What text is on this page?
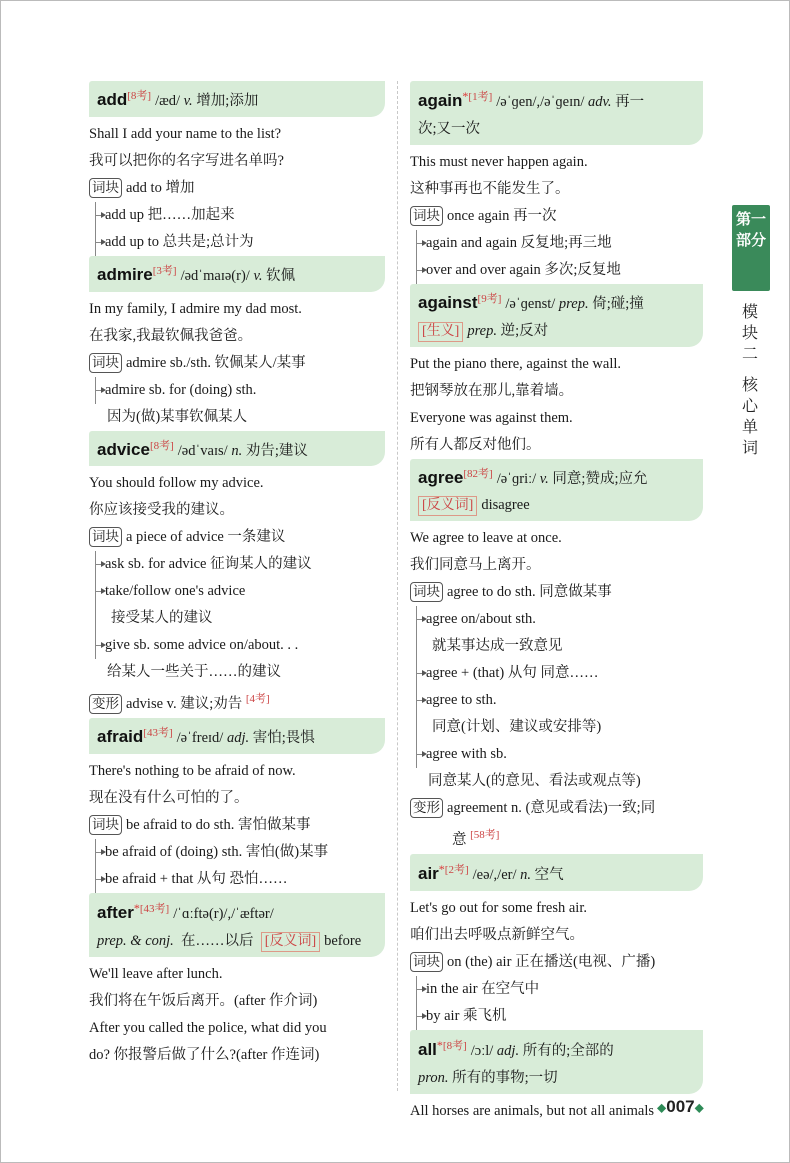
add[8考] /æd/ v. 增加;添加
Shall I add your name to the list?
我可以把你的名字写进名单吗?
词块 add to 增加
add up 把……加起来
add up to 总共是;总计为
admire[3考] /ədˈmaɪə(r)/ v. 钦佩
In my family, I admire my dad most.
在我家,我最钦佩我爸爸。
词块 admire sb./sth. 钦佩某人/某事
admire sb. for (doing) sth.
因为(做)某事钦佩某人
advice[8考] /ədˈvaɪs/ n. 劝告;建议
You should follow my advice.
你应该接受我的建议。
词块 a piece of advice 一条建议
ask sb. for advice 征询某人的建议
take/follow one's advice
接受某人的建议
give sb. some advice on/about. . .
给某人一些关于……的建议
变形 advise v. 建议;劝告 [4考]
afraid[43考] /əˈfreɪd/ adj. 害怕;畏惧
There's nothing to be afraid of now.
现在没有什么可怕的了。
词块 be afraid to do sth. 害怕做某事
be afraid of (doing) sth. 害怕(做)某事
be afraid + that 从句 恐怕……
after$^{*[43考]}$ /ˈɑːftə(r)/,/ˈæftər/
prep. & conj. 在……以后 [反义词] before
We'll leave after lunch.
我们将在午饭后离开。(after 作介词)
After you called the police, what did you
do? 你报警后做了什么?(after 作连词)
again$^{*[1考]}$ /əˈɡen/,/əˈɡeɪn/ adv. 再一
次;又一次
This must never happen again.
这种事再也不能发生了。
词块 once again 再一次
again and again 反复地;再三地
over and over again 多次;反复地
against[9考] /əˈɡenst/ prep. 倚;碰;撞
[生义] prep. 逆;反对
Put the piano there, against the wall.
把钢琴放在那儿,靠着墙。
Everyone was against them.
所有人都反对他们。
agree[82考] /əˈɡriː/ v. 同意;赞成;应允
[反义词] disagree
We agree to leave at once.
我们同意马上离开。
词块 agree to do sth. 同意做某事
agree on/about sth.
就某事达成一致意见
agree + (that) 从句 同意……
agree to sth.
同意(计划、建议或安排等)
agree with sb.
同意某人(的意见、看法或观点等)
变形 agreement n. (意见或看法)一致;同
意 [58考]
air$^{*[2考]}$ /eə/,/er/ n. 空气
Let's go out for some fresh air.
咱们出去呼吸点新鲜空气。
词块 on (the) air 正在播送(电视、广播)
in the air 在空气中
by air 乘飞机
all$^{*[8考]}$ /ɔːl/ adj. 所有的;全部的
pron. 所有的事物;一切
All horses are animals, but not all animals
第一部分
模块二
核心单词
◆007◆
